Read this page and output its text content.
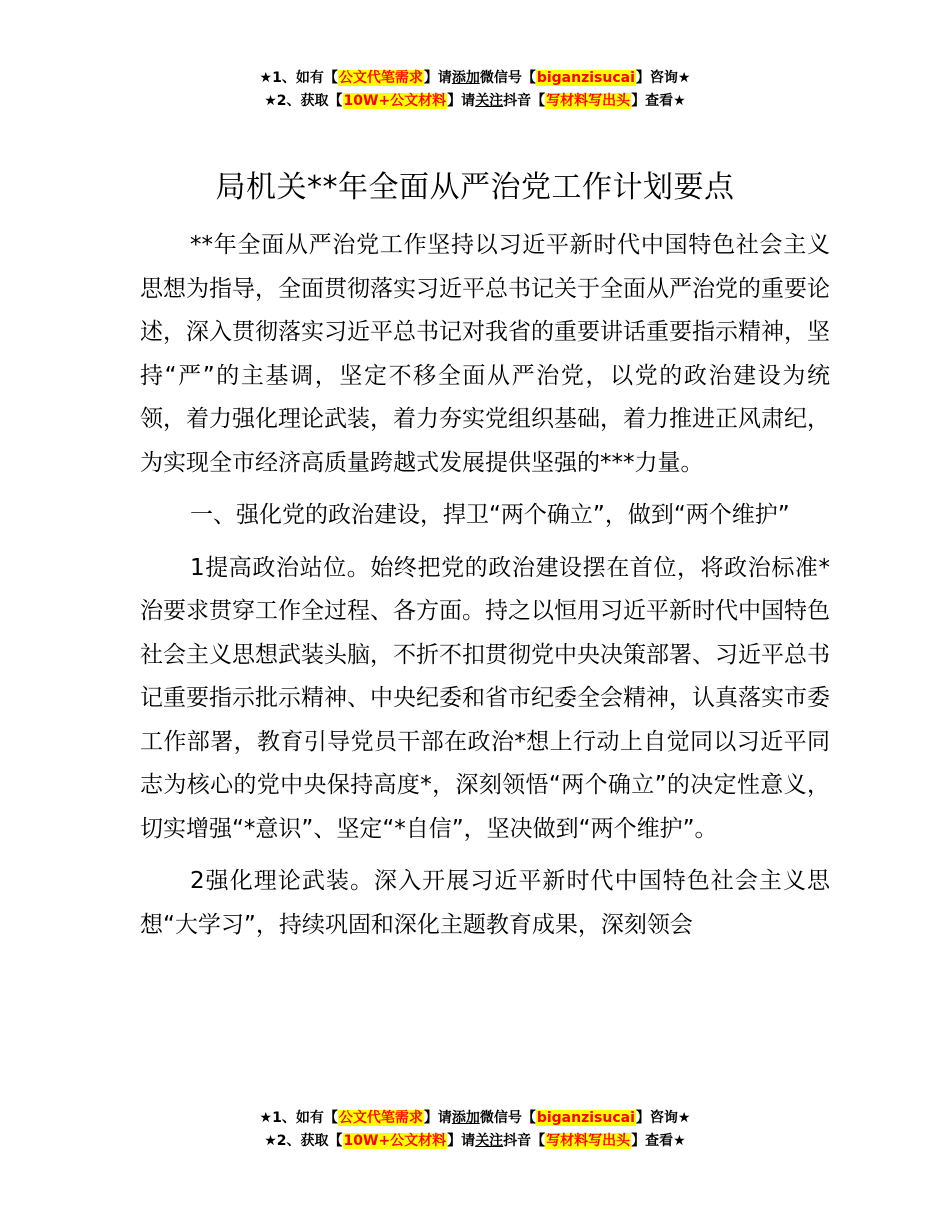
★1、如有【公文代笔需求】请添加微信号【biganzisucai】咨询★
★2、获取【10W+公文材料】请关注抖音【写材料写出头】查看★
局机关**年全面从严治党工作计划要点

**年全面从严治党工作坚持以习近平新时代中国特色社会主义思想为指导，全面贯彻落实习近平总书记关于全面从严治党的重要论述，深入贯彻落实习近平总书记对我省的重要讲话重要指示精神，坚持“严”的主基调，坚定不移全面从严治党，以党的政治建设为统领，着力强化理论武装，着力夯实党组织基础，着力推进正风肃纪，为实现全市经济高质量跨越式发展提供坚强的***力量。

一、强化党的政治建设，捍卫“两个确立”，做到“两个维护”

1提高政治站位。始终把党的政治建设摆在首位，将政治标准*治要求贯穿工作全过程、各方面。持之以恒用习近平新时代中国特色社会主义思想武装头脑，不折不扣贯彻党中央决策部署、习近平总书记重要指示批示精神、中央纪委和省市纪委全会精神，认真落实市委工作部署，教育引导党员干部在政治*想上行动上自觉同以习近平同志为核心的党中央保持高度*，深刻领悟“两个确立”的决定性意义，切实增强“*意识”、坚定“*自信”，坚决做到“两个维护”。

2强化理论武装。深入开展习近平新时代中国特色社会主义思想“大学习”，持续巩固和深化主题教育成果，深刻领会

★1、如有【公文代笔需求】请添加微信号【biganzisucai】咨询★
★2、获取【10W+公文材料】请关注抖音【写材料写出头】查看★
